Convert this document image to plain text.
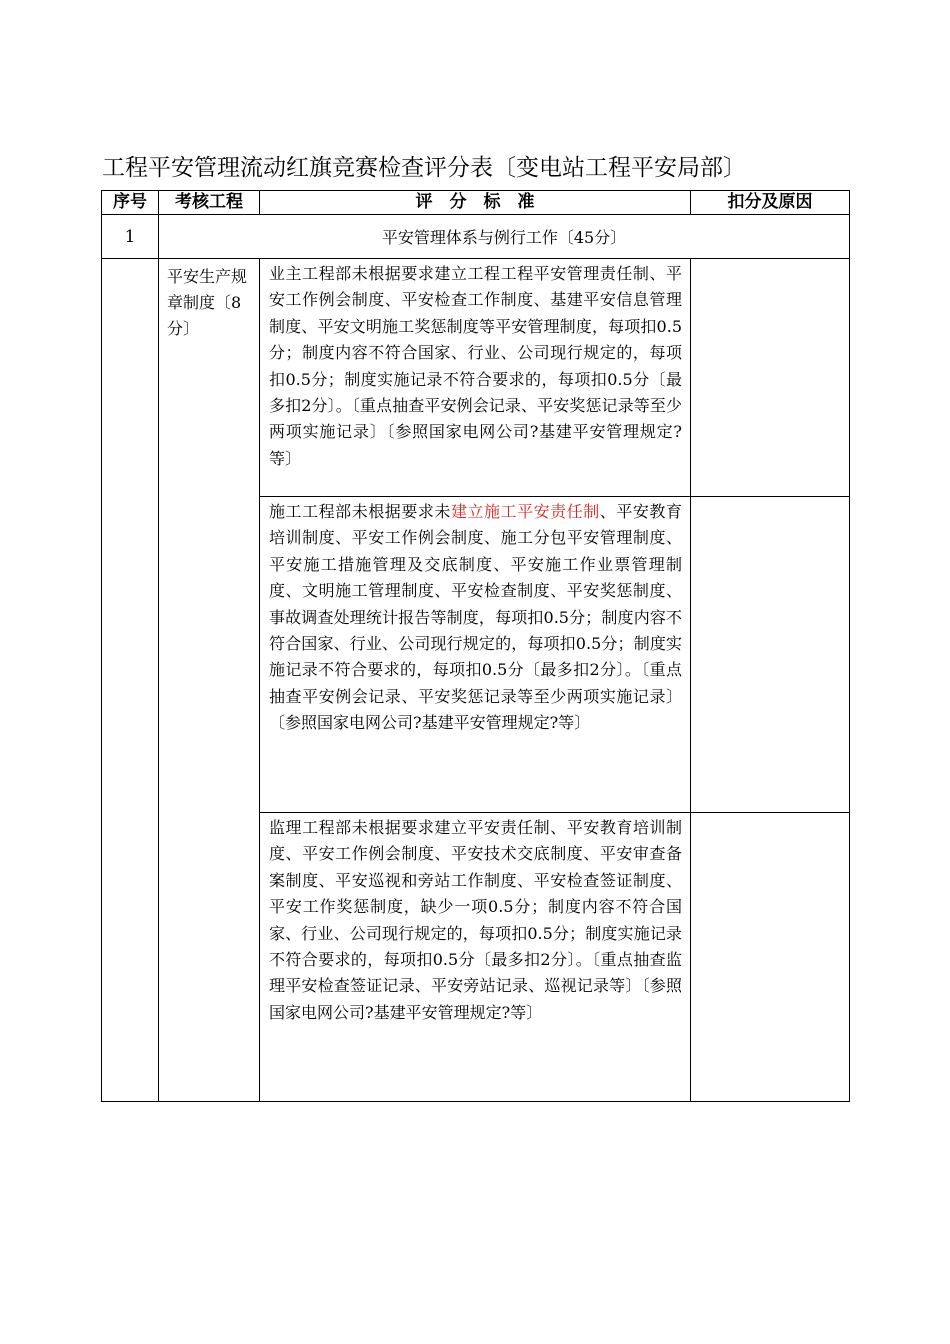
工程平安管理流动红旗竞赛检查评分表〔变电站工程平安局部〕
序号	考核工程	评　分　标　准	扣分及原因
1	平安管理体系与例行工作〔45分〕		
	平安生产规章制度〔8分〕	业主工程部未根据要求建立工程工程平安管理责任制、平安工作例会制度、平安检查工作制度、基建平安信息管理制度、平安文明施工奖惩制度等平安管理制度，每项扣0.5分；制度内容不符合国家、行业、公司现行规定的，每项扣0.5分；制度实施记录不符合要求的，每项扣0.5分〔最多扣2分〕。〔重点抽查平安例会记录、平安奖惩记录等至少两项实施记录〕〔参照国家电网公司?基建平安管理规定?等〕	
		施工工程部未根据要求未建立施工平安责任制、平安教育培训制度、平安工作例会制度、施工分包平安管理制度、平安施工措施管理及交底制度、平安施工作业票管理制度、文明施工管理制度、平安检查制度、平安奖惩制度、事故调查处理统计报告等制度，每项扣0.5分；制度内容不符合国家、行业、公司现行规定的，每项扣0.5分；制度实施记录不符合要求的，每项扣0.5分〔最多扣2分〕。〔重点抽查平安例会记录、平安奖惩记录等至少两项实施记录〕〔参照国家电网公司?基建平安管理规定?等〕	
		监理工程部未根据要求建立平安责任制、平安教育培训制度、平安工作例会制度、平安技术交底制度、平安审查备案制度、平安巡视和旁站工作制度、平安检查签证制度、平安工作奖惩制度，缺少一项0.5分；制度内容不符合国家、行业、公司现行规定的，每项扣0.5分；制度实施记录不符合要求的，每项扣0.5分〔最多扣2分〕。〔重点抽查监理平安检查签证记录、平安旁站记录、巡视记录等〕〔参照国家电网公司?基建平安管理规定?等〕	
